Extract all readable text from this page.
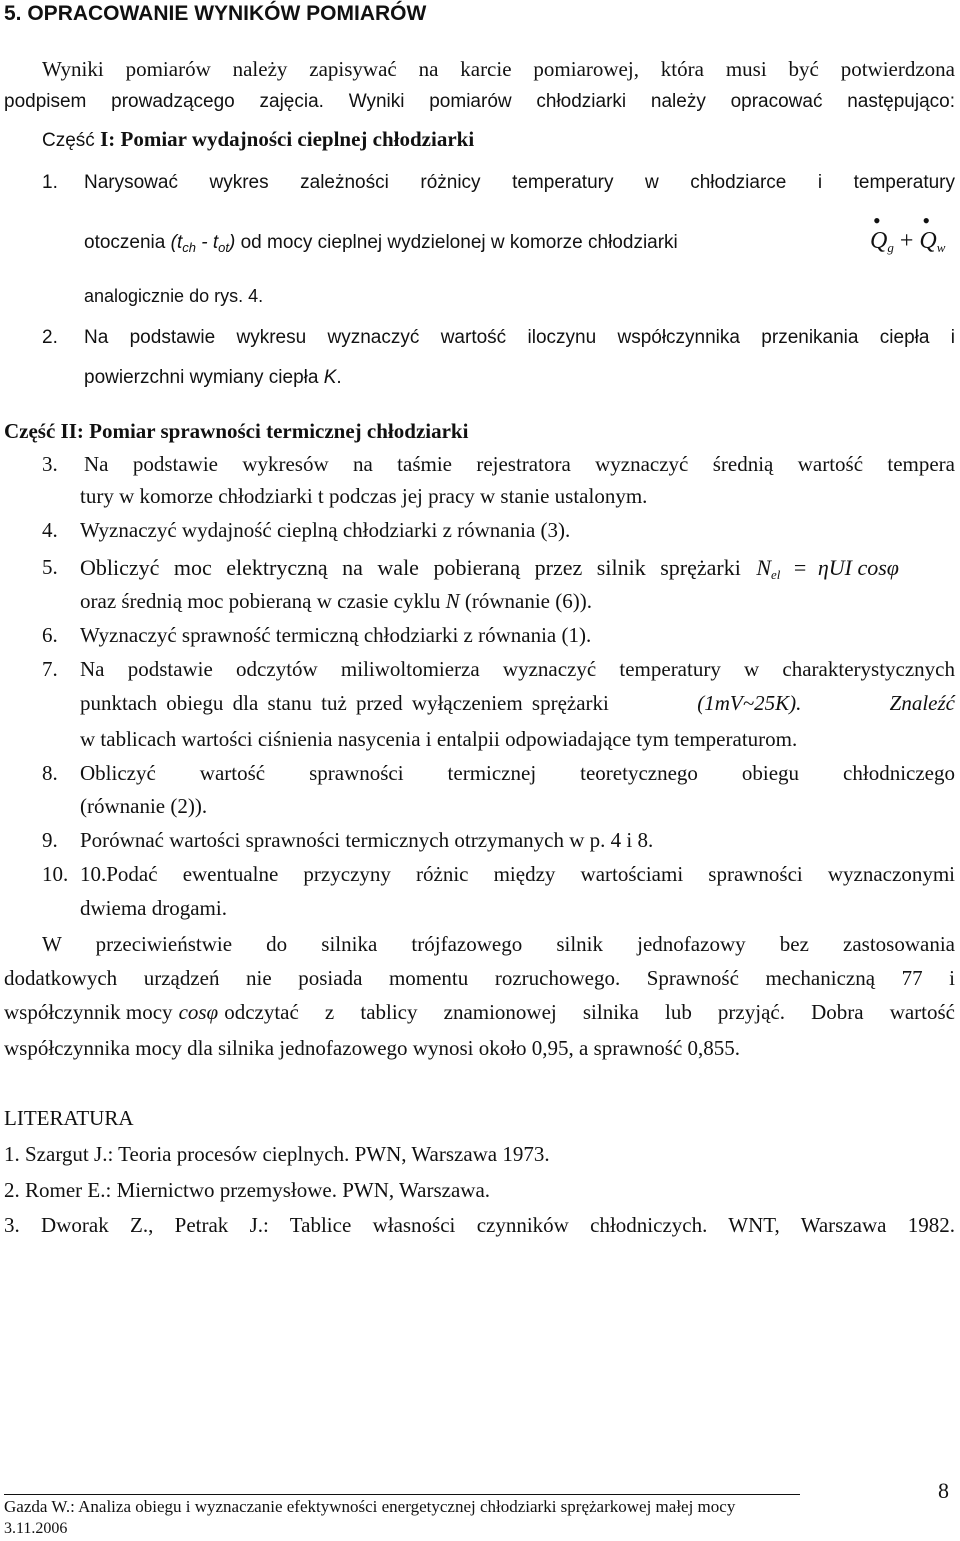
5. OPRACOWANIE WYNIKÓW POMIARÓW
Wyniki pomiarów należy zapisywać na karcie pomiarowej, która musi być potwierdzona
podpisem prowadzącego zajęcia. Wyniki pomiarów chłodziarki należy opracować następująco:
Część I: Pomiar wydajności cieplnej chłodziarki
1. Narysować wykres zależności różnicy temperatury w chłodziarce i temperatury
otoczenia $(t_{ch} - t_{ot})$ od mocy cieplnej wydzielonej w komorze chłodziarki
•
$Q_g$ +
•
$Q_w$
analogicznie do rys. 4.
2. Na podstawie wykresu wyznaczyć wartość iloczynu współczynnika przenikania ciepła i
powierzchni wymiany ciepła K.
Część II: Pomiar sprawności termicznej chłodziarki
3. Na podstawie wykresów na taśmie rejestratora wyznaczyć średnią wartość tempera
tury w komorze chłodziarki t podczas jej pracy w stanie ustalonym.
4. Wyznaczyć wydajność cieplną chłodziarki z równania (3).
5. Obliczyć moc elektryczną na wale pobieraną przez silnik sprężarki $N_{el} = \eta UI$ cosφ
oraz średnią moc pobieraną w czasie cyklu N (równanie (6)).
6. Wyznaczyć sprawność termiczną chłodziarki z równania (1).
7. Na podstawie odczytów miliwoltomierza wyznaczyć temperatury w charakterystycznych
punktach obiegu dla stanu tuż przed wyłączeniem sprężarki	(1mV~25K).	Znaleźć
w tablicach wartości ciśnienia nasycenia i entalpii odpowiadające tym temperaturom.
8. Obliczyć wartość sprawności termicznej teoretycznego obiegu chłodniczego
(równanie (2)).
9. Porównać wartości sprawności termicznych otrzymanych w p. 4 i 8.
10. 10.Podać ewentualne przyczyny różnic między wartościami sprawności wyznaczonymi
dwiema drogami.
W przeciwieństwie do silnika trójfazowego silnik jednofazowy bez zastosowania
dodatkowych urządzeń nie posiada momentu rozruchowego. Sprawność mechaniczną 77 i
współczynnik mocy cosφ odczytać z tablicy znamionowej silnika lub przyjąć. Dobra wartość
współczynnika mocy dla silnika jednofazowego wynosi około 0,95, a sprawność 0,855.
LITERATURA
1. Szargut J.: Teoria procesów cieplnych. PWN, Warszawa 1973.
2. Romer E.: Miernictwo przemysłowe. PWN, Warszawa.
3. Dworak Z., Petrak J.: Tablice własności czynników chłodniczych. WNT, Warszawa 1982.
8
Gazda W.: Analiza obiegu i wyznaczanie efektywności energetycznej chłodziarki sprężarkowej małej mocy
3.11.2006
